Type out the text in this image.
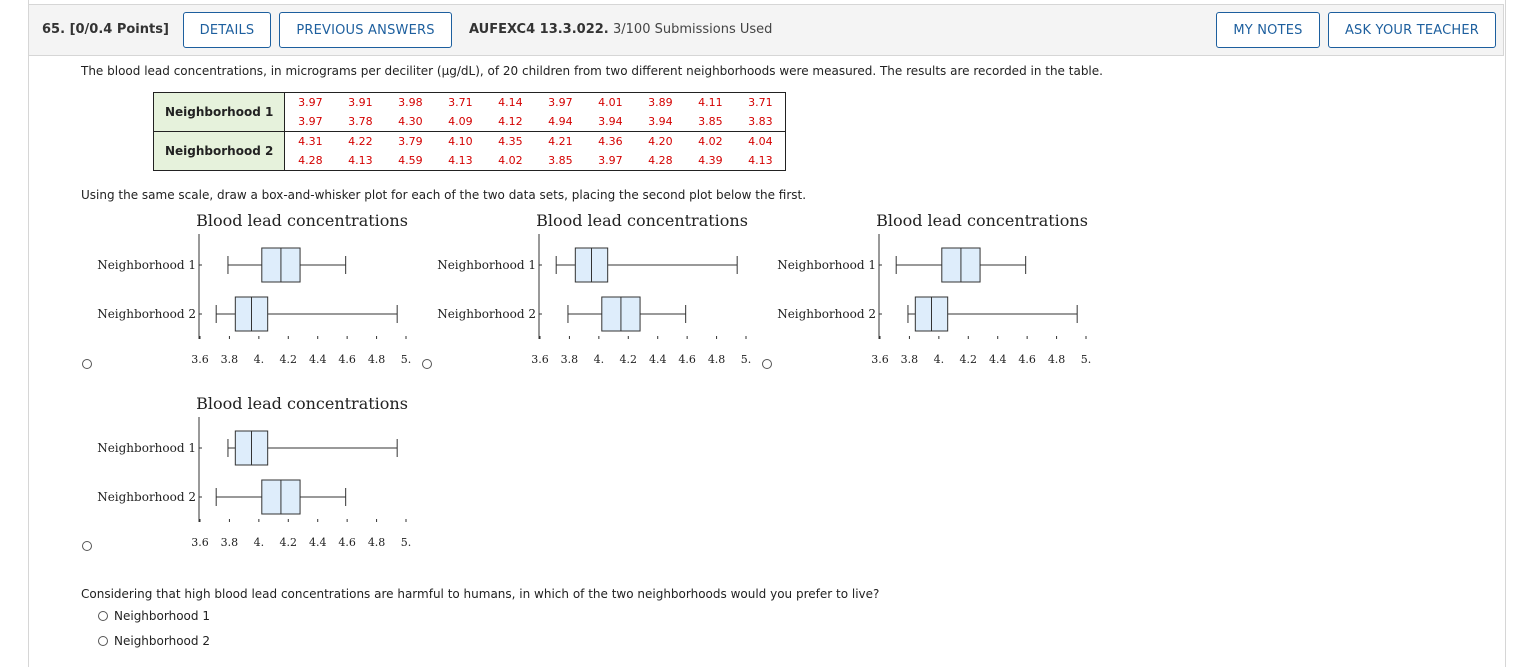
65. [0/0.4 Points]	DETAILS	PREVIOUS ANSWERS	AUFEXC4 13.3.022. 3/100 Submissions Used	MY NOTES	ASK YOUR TEACHER
The blood lead concentrations, in micrograms per deciliter (µg/dL), of 20 children from two different neighborhoods were measured. The results are recorded in the table.
Neighborhood 1	3.97	3.91	3.98	3.71	4.14	3.97	4.01	3.89	4.11	3.71
	3.97	3.78	4.30	4.09	4.12	4.94	3.94	3.94	3.85	3.83
Neighborhood 2	4.31	4.22	3.79	4.10	4.35	4.21	4.36	4.20	4.02	4.04
	4.28	4.13	4.59	4.13	4.02	3.85	3.97	4.28	4.39	4.13
Using the same scale, draw a box-and-whisker plot for each of the two data sets, placing the second plot below the first.
Blood lead concentrations
3.6 3.8 4. 4.2 4.4 4.6 4.8 5.
Neighborhood 1
Neighborhood 2
Blood lead concentrations
3.6 3.8 4. 4.2 4.4 4.6 4.8 5.
Neighborhood 1
Neighborhood 2
Blood lead concentrations
3.6 3.8 4. 4.2 4.4 4.6 4.8 5.
Neighborhood 1
Neighborhood 2
Blood lead concentrations
3.6 3.8 4. 4.2 4.4 4.6 4.8 5.
Neighborhood 1
Neighborhood 2
Considering that high blood lead concentrations are harmful to humans, in which of the two neighborhoods would you prefer to live?
Neighborhood 1
Neighborhood 2
